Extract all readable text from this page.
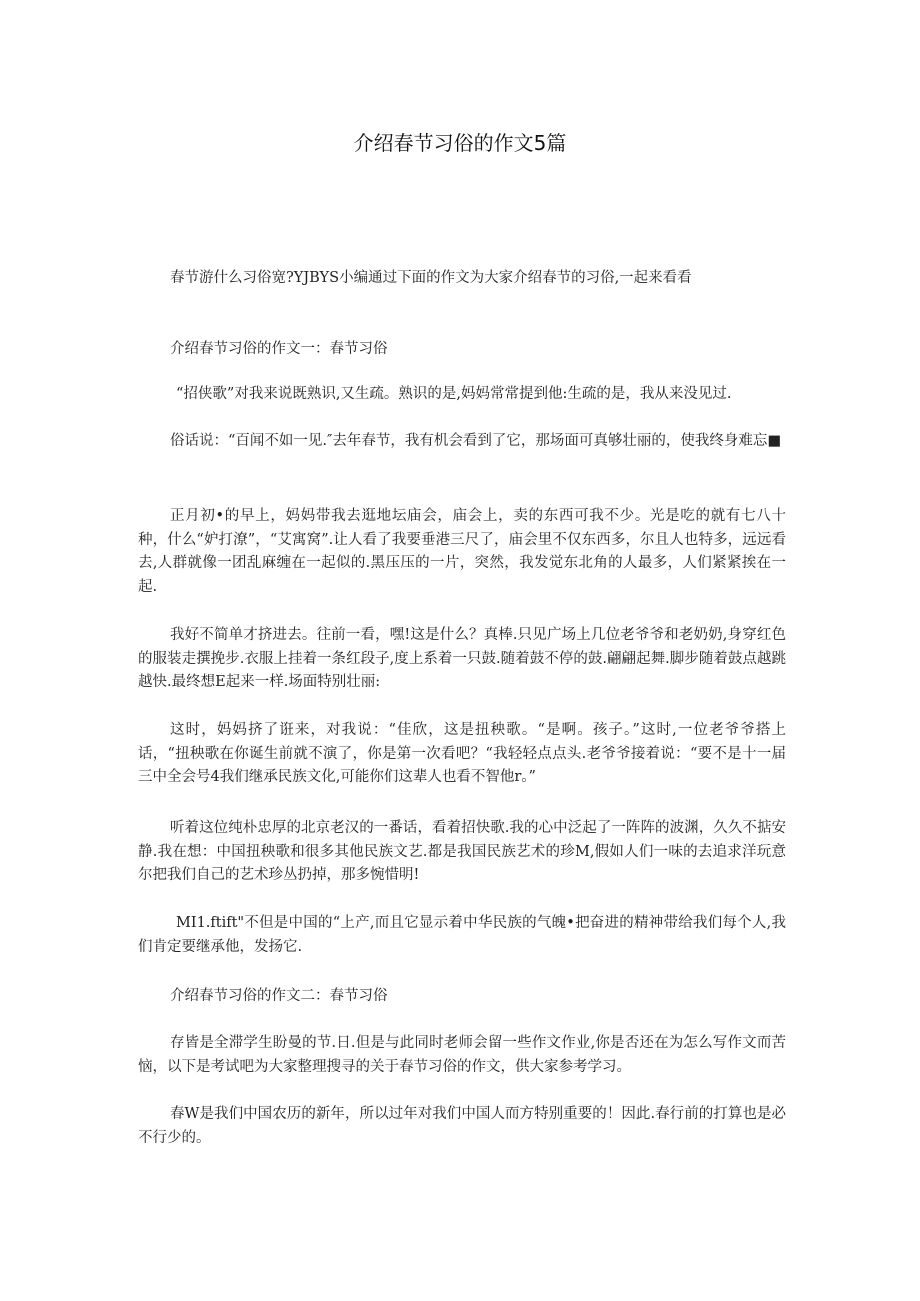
介绍春节习俗的作文5篇

春节游什么习俗宽?YJBYS小编通过下面的作文为大家介绍春节的习俗,一起来看看

介绍春节习俗的作文一：春节习俗

“招侠歌”对我来说既熟识,又生疏。熟识的是,妈妈常常提到他:生疏的是，我从来没见过.

俗话说：“百闻不如一见.″去年春节，我有机会看到了它，那场面可真够壮丽的，使我终身难忘■

正月初•的早上，妈妈带我去逛地坛庙会，庙会上，卖的东西可我不少。光是吃的就有七八十种，什么“妒打潦”，“艾寓窝”.让人看了我要垂港三尺了，庙会里不仅东西多，尔且人也特多，远远看去,人群就像一团乱麻缠在一起似的.黑压压的一片，突然，我发觉东北角的人最多，人们紧紧挨在一起.

我好不简单才挤进去。往前一看，嘿!这是什么？真棒.只见广场上几位老爷爷和老奶奶,身穿红色的服装走撰挽步.衣服上挂着一条红段子,度上系着一只鼓.随着鼓不停的鼓.翩翩起舞.脚步随着鼓点越跳越快.最终想E起来一样.场面特别壮丽:

这时，妈妈挤了诳来，对我说：“佳欣，这是扭秧歌。“是啊。孩子。”这时,一位老爷爷搭上话，“扭秧歌在你诞生前就不演了，你是第一次看吧？“我轻轻点点头.老爷爷接着说：“要不是十一届三中全会号4我们继承民族文化,可能你们这辈人也看不智他r。”

听着这位纯朴忠厚的北京老汉的一番话，看着招快歌.我的心中泛起了一阵阵的波渊，久久不掂安静.我在想：中国扭秧歌和很多其他民族文艺.都是我国民族艺术的珍M,假如人们一味的去追求洋玩意尔把我们自己的艺术珍丛扔掉，那多惋惜明!

MI1.ftift"不但是中国的“上产,而且它显示着中华民族的气魄•把奋进的精神带给我们每个人,我们肯定要继承他，发扬它.

介绍春节习俗的作文二：春节习俗

存皆是全滞学生盼曼的节.日.但是与此同时老师会留一些作文作业,你是否还在为怎么写作文而苦恼，以下是考试吧为大家整理搜寻的关于春节习俗的作文，供大家参考学习。

春W是我们中国农历的新年，所以过年对我们中国人而方特别重要的！因此.春行前的打算也是必不行少的。
